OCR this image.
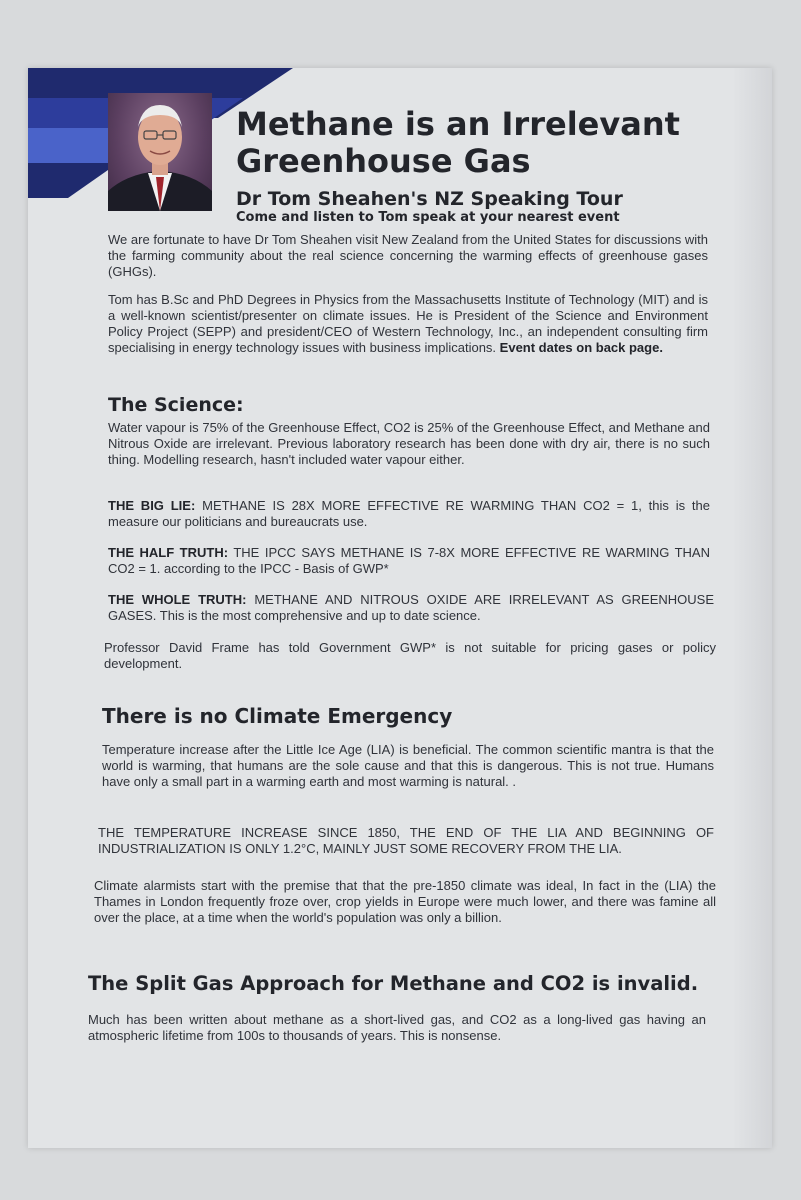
Methane is an Irrelevant Greenhouse Gas
Dr Tom Sheahen's NZ Speaking Tour

Come and listen to Tom speak at your nearest event

We are fortunate to have Dr Tom Sheahen visit New Zealand from the United States for discussions with the farming community about the real science concerning the warming effects of greenhouse gases (GHGs).

Tom has B.Sc and PhD Degrees in Physics from the Massachusetts Institute of Technology (MIT) and is a well-known scientist/presenter on climate issues. He is President of the Science and Environment Policy Project (SEPP) and president/CEO of Western Technology, Inc., an independent consulting firm specialising in energy technology issues with business implications. Event dates on back page.

The Science:

Water vapour is 75% of the Greenhouse Effect, CO2 is 25% of the Greenhouse Effect, and Methane and Nitrous Oxide are irrelevant. Previous laboratory research has been done with dry air, there is no such thing. Modelling research, hasn't included water vapour either.

THE BIG LIE: METHANE IS 28X MORE EFFECTIVE RE WARMING THAN CO2 = 1, this is the measure our politicians and bureaucrats use.

THE HALF TRUTH: THE IPCC SAYS METHANE IS 7-8X MORE EFFECTIVE RE WARMING THAN CO2 = 1. according to the IPCC - Basis of GWP*

THE WHOLE TRUTH: METHANE AND NITROUS OXIDE ARE IRRELEVANT AS GREENHOUSE GASES. This is the most comprehensive and up to date science.

Professor David Frame has told Government GWP* is not suitable for pricing gases or policy development.

There is no Climate Emergency

Temperature increase after the Little Ice Age (LIA) is beneficial. The common scientific mantra is that the world is warming, that humans are the sole cause and that this is dangerous. This is not true. Humans have only a small part in a warming earth and most warming is natural. .

THE TEMPERATURE INCREASE SINCE 1850, THE END OF THE LIA AND BEGINNING OF INDUSTRIALIZATION IS ONLY 1.2°C, MAINLY JUST SOME RECOVERY FROM THE LIA.

Climate alarmists start with the premise that that the pre-1850 climate was ideal, In fact in the (LIA) the Thames in London frequently froze over, crop yields in Europe were much lower, and there was famine all over the place, at a time when the world's population was only a billion.

The Split Gas Approach for Methane and CO2 is invalid.

Much has been written about methane as a short-lived gas, and CO2 as a long-lived gas having an atmospheric lifetime from 100s to thousands of years. This is nonsense.
